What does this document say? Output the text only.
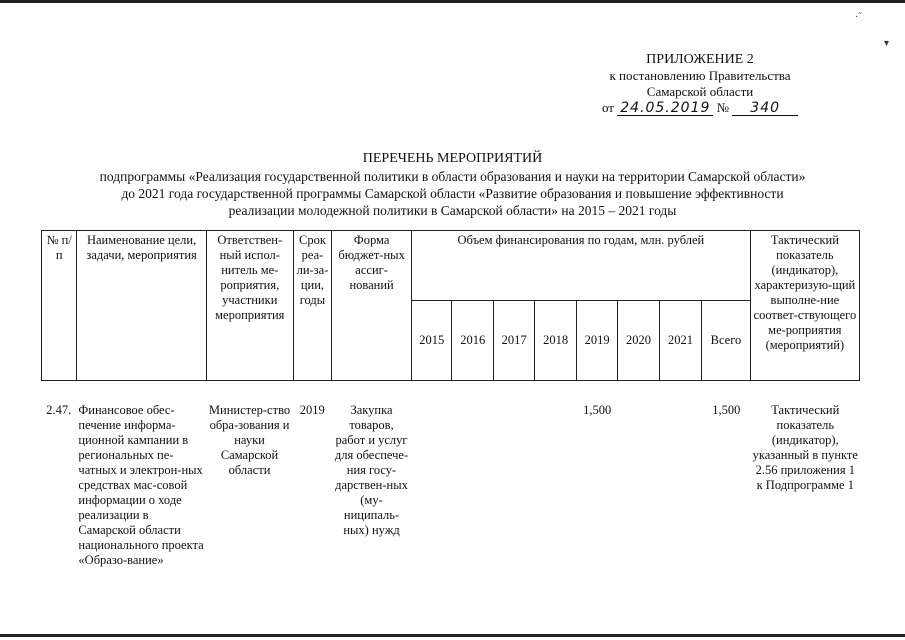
·˝
▾
ПРИЛОЖЕНИЕ 2
к постановлению Правительства
Самарской области
от 24.05.2019 № 340
ПЕРЕЧЕНЬ МЕРОПРИЯТИЙ
подпрограммы «Реализация государственной политики в области образования и науки на территории Самарской области»
до 2021 года государственной программы Самарской области «Развитие образования и повышение эффективности
реализации молодежной политики в Самарской области» на 2015 – 2021 годы
№ п/п	Наименование цели, задачи, мероприятия	Ответствен-ный испол-нитель ме-роприятия, участники мероприятия	Срок реа-ли-за-ции, годы	Форма бюджет-ных ассиг-нований	Объем финансирования по годам, млн. рублей								Тактический показатель (индикатор), характеризую-щий выполне-ние соответ-ствующего ме-роприятия (мероприятий)
					2015	2016	2017	2018	2019	2020	2021	Всего	
2.47.	Финансовое обес-печение информа-ционной кампании в региональных пе-чатных и электрон-ных средствах мас-совой информации о ходе реализации в Самарской области национального проекта «Образо-вание»	Министер-ство обра-зования и науки Самарской области	2019	Закупка товаров, работ и услуг для обеспече-ния госу-дарствен-ных (му-ниципаль-ных) нужд					1,500			1,500	Тактический показатель (индикатор), указанный в пункте 2.56 приложения 1 к Подпрограмме 1
